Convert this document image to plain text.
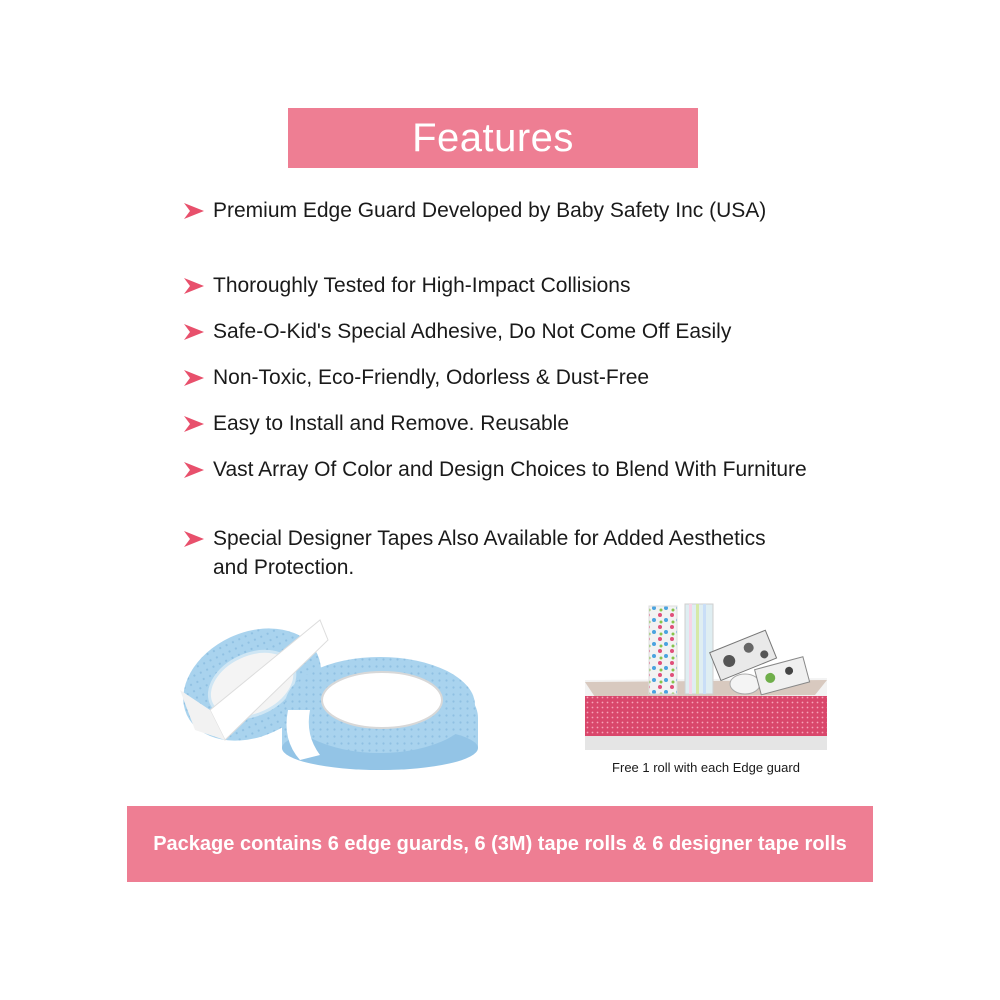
Features
Premium Edge Guard Developed by Baby Safety Inc (USA)
Thoroughly Tested for High-Impact Collisions
Safe-O-Kid's Special Adhesive, Do Not Come Off Easily
Non-Toxic, Eco-Friendly, Odorless & Dust-Free
Easy to Install and Remove. Reusable
Vast Array Of Color and Design Choices to Blend With Furniture
Special Designer Tapes Also Available for Added Aesthetics and Protection.
Free 1 roll with each Edge guard
Package contains 6 edge guards, 6 (3M) tape rolls & 6 designer tape rolls
